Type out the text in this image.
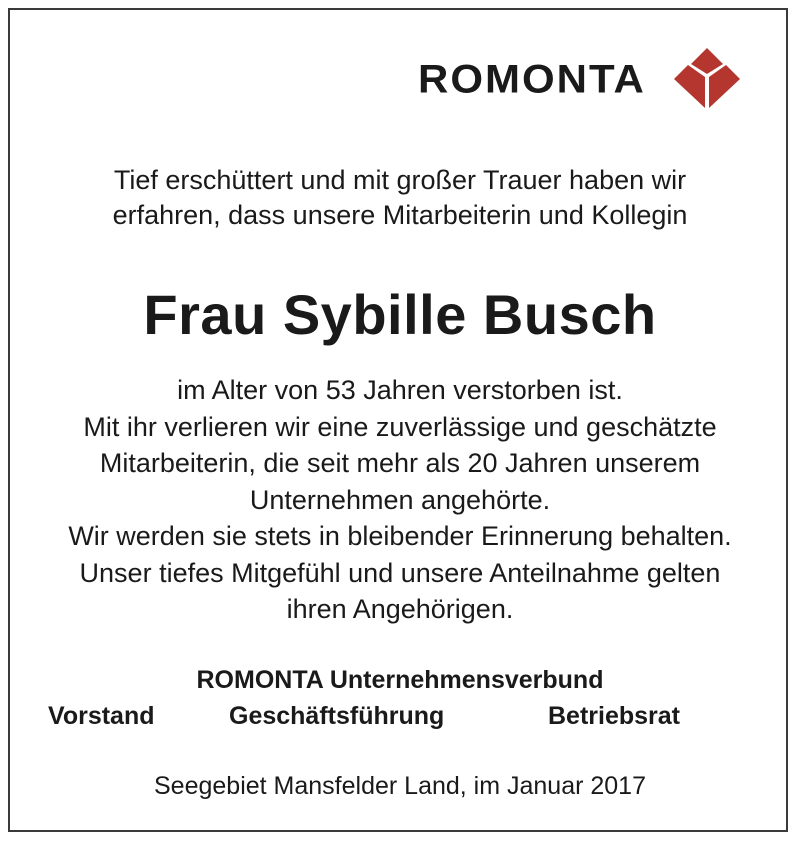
ROMONTA
Tief erschüttert und mit großer Trauer haben wir
erfahren, dass unsere Mitarbeiterin und Kollegin
Frau Sybille Busch
im Alter von 53 Jahren verstorben ist.
Mit ihr verlieren wir eine zuverlässige und geschätzte
Mitarbeiterin, die seit mehr als 20 Jahren unserem
Unternehmen angehörte.
Wir werden sie stets in bleibender Erinnerung behalten.
Unser tiefes Mitgefühl und unsere Anteilnahme gelten
ihren Angehörigen.
ROMONTA Unternehmensverbund
Vorstand	Geschäftsführung	Betriebsrat
Seegebiet Mansfelder Land, im Januar 2017
